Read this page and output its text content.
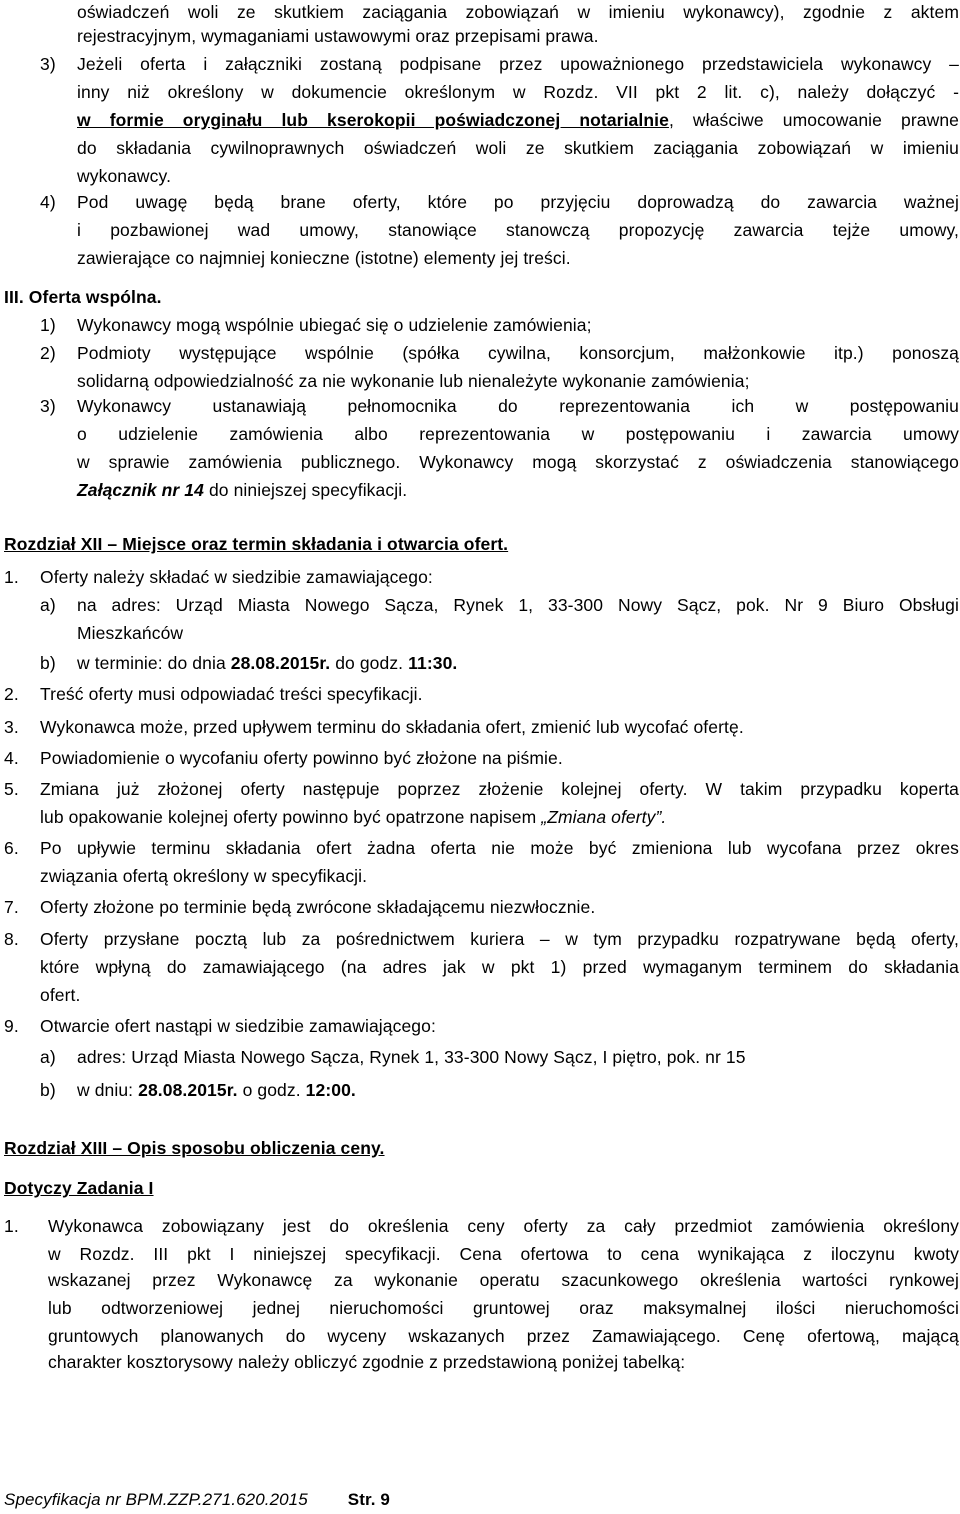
oświadczeń woli ze skutkiem zaciągania zobowiązań w imieniu wykonawcy), zgodnie z aktem
rejestracyjnym, wymaganiami ustawowymi oraz przepisami prawa.
3) Jeżeli oferta i załączniki zostaną podpisane przez upoważnionego przedstawiciela wykonawcy –
inny niż określony w dokumencie określonym w Rozdz. VII pkt 2 lit. c), należy dołączyć -
w formie oryginału lub kserokopii poświadczonej notarialnie, właściwe umocowanie prawne
do składania cywilnoprawnych oświadczeń woli ze skutkiem zaciągania zobowiązań w imieniu
wykonawcy.
4) Pod uwagę będą brane oferty, które po przyjęciu doprowadzą do zawarcia ważnej
i pozbawionej wad umowy, stanowiące stanowczą propozycję zawarcia tejże umowy,
zawierające co najmniej konieczne (istotne) elementy jej treści.
III. Oferta wspólna.
1) Wykonawcy mogą wspólnie ubiegać się o udzielenie zamówienia;
2) Podmioty występujące wspólnie (spółka cywilna, konsorcjum, małżonkowie itp.) ponoszą
solidarną odpowiedzialność za nie wykonanie lub nienależyte wykonanie zamówienia;
3) Wykonawcy ustanawiają pełnomocnika do reprezentowania ich w postępowaniu
o udzielenie zamówienia albo reprezentowania w postępowaniu i zawarcia umowy
w sprawie zamówienia publicznego. Wykonawcy mogą skorzystać z oświadczenia stanowiącego
Załącznik nr 14 do niniejszej specyfikacji.
Rozdział XII – Miejsce oraz termin składania i otwarcia ofert.
1. Oferty należy składać w siedzibie zamawiającego:
a) na adres: Urząd Miasta Nowego Sącza, Rynek 1, 33-300 Nowy Sącz, pok. Nr 9 Biuro Obsługi
Mieszkańców
b) w terminie: do dnia 28.08.2015r. do godz. 11:30.
2. Treść oferty musi odpowiadać treści specyfikacji.
3. Wykonawca może, przed upływem terminu do składania ofert, zmienić lub wycofać ofertę.
4. Powiadomienie o wycofaniu oferty powinno być złożone na piśmie.
5. Zmiana już złożonej oferty następuje poprzez złożenie kolejnej oferty. W takim przypadku koperta
lub opakowanie kolejnej oferty powinno być opatrzone napisem „Zmiana oferty”.
6. Po upływie terminu składania ofert żadna oferta nie może być zmieniona lub wycofana przez okres
związania ofertą określony w specyfikacji.
7. Oferty złożone po terminie będą zwrócone składającemu niezwłocznie.
8. Oferty przysłane pocztą lub za pośrednictwem kuriera – w tym przypadku rozpatrywane będą oferty,
które wpłyną do zamawiającego (na adres jak w pkt 1) przed wymaganym terminem do składania
ofert.
9. Otwarcie ofert nastąpi w siedzibie zamawiającego:
a) adres: Urząd Miasta Nowego Sącza, Rynek 1, 33-300 Nowy Sącz, I piętro, pok. nr 15
b) w dniu: 28.08.2015r. o godz. 12:00.
Rozdział XIII – Opis sposobu obliczenia ceny.
Dotyczy Zadania I
1. Wykonawca zobowiązany jest do określenia ceny oferty za cały przedmiot zamówienia określony
w Rozdz. III pkt I niniejszej specyfikacji. Cena ofertowa to cena wynikająca z iloczynu kwoty
wskazanej przez Wykonawcę za wykonanie operatu szacunkowego określenia wartości rynkowej
lub odtworzeniowej jednej nieruchomości gruntowej oraz maksymalnej ilości nieruchomości
gruntowych planowanych do wyceny wskazanych przez Zamawiającego. Cenę ofertową, mającą
charakter kosztorysowy należy obliczyć zgodnie z przedstawioną poniżej tabelką:
Specyfikacja nr BPM.ZZP.271.620.2015 Str. 9
